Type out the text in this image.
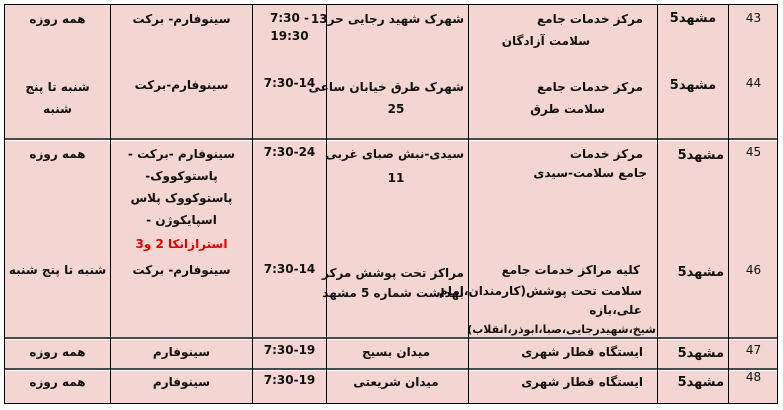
43
مشهد5
مرکز خدمات جامع
سلامت آزادگان
شهرک شهید رجایی حر13
7:30 -
19:30
سینوفارم- برکت
همه روزه
44
مشهد5
مرکز خدمات جامع
سلامت طرق
شهرک طرق خیابان ساعی
25
7:30-14
سینوفارم-برکت
شنبه تا پنج
شنبه
45
مشهد5
مرکز خدمات
جامع سلامت-سیدی
سیدی-نبش صبای غربی
11
7:30-24
سینوفارم -برکت -
پاستوکووک-
پاستوکووک پلاس
اسپایکوژن -
استرازانکا 2 و3
همه روزه
46
مشهد5
کلیه مراکز خدمات جامع
سلامت تحت پوشش(کارمندان،امام
علی،بازه
شیخ،شهیدرجایی،صبا،ابوذر،انقلاب)
مراکز تحت پوشش مرکز
بهداشت شماره 5 مشهد
7:30-14
سینوفارم- برکت
شنبه تا پنج شنبه
47
مشهد5
ایستگاه قطار شهری
میدان بسیج
7:30-19
سینوفارم
همه روزه
48
مشهد5
ایستگاه قطار شهری
میدان شریعتی
7:30-19
سینوفارم
همه روزه
